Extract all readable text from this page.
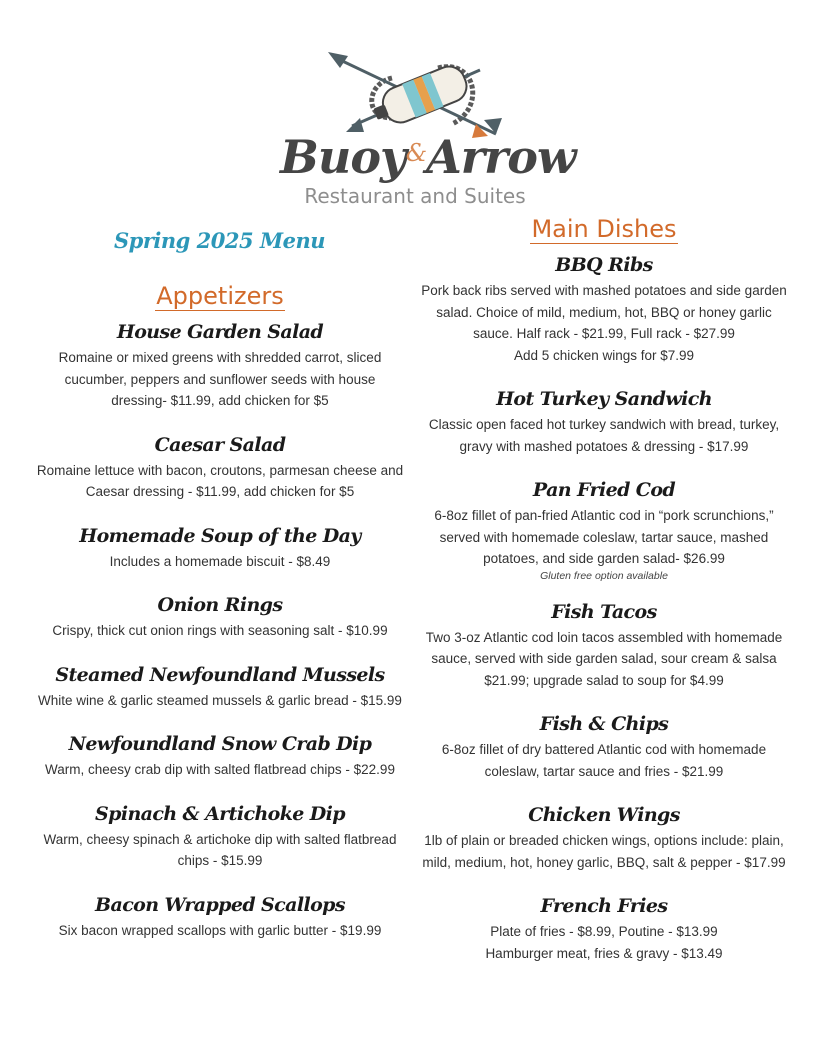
Buoy&Arrow
Restaurant and Suites
Spring 2025 Menu
Appetizers
House Garden Salad
Romaine or mixed greens with shredded carrot, sliced cucumber, peppers and sunflower seeds with house dressing- $11.99, add chicken for $5
Caesar Salad
Romaine lettuce with bacon, croutons, parmesan cheese and Caesar dressing - $11.99, add chicken for $5
Homemade Soup of the Day
Includes a homemade biscuit - $8.49
Onion Rings
Crispy, thick cut onion rings with seasoning salt - $10.99
Steamed Newfoundland Mussels
White wine & garlic steamed mussels & garlic bread - $15.99
Newfoundland Snow Crab Dip
Warm, cheesy crab dip with salted flatbread chips - $22.99
Spinach & Artichoke Dip
Warm, cheesy spinach & artichoke dip with salted flatbread chips - $15.99
Bacon Wrapped Scallops
Six bacon wrapped scallops with garlic butter - $19.99
Main Dishes
BBQ Ribs
Pork back ribs served with mashed potatoes and side garden salad. Choice of mild, medium, hot, BBQ or honey garlic sauce. Half rack - $21.99, Full rack - $27.99
Add 5 chicken wings for $7.99
Hot Turkey Sandwich
Classic open faced hot turkey sandwich with bread, turkey, gravy with mashed potatoes & dressing - $17.99
Pan Fried Cod
6-8oz fillet of pan-fried Atlantic cod in “pork scrunchions,” served with homemade coleslaw, tartar sauce, mashed potatoes, and side garden salad- $26.99
Gluten free option available
Fish Tacos
Two 3-oz Atlantic cod loin tacos assembled with homemade sauce, served with side garden salad, sour cream & salsa $21.99; upgrade salad to soup for $4.99
Fish & Chips
6-8oz fillet of dry battered Atlantic cod with homemade coleslaw, tartar sauce and fries - $21.99
Chicken Wings
1lb of plain or breaded chicken wings, options include: plain, mild, medium, hot, honey garlic, BBQ, salt & pepper - $17.99
French Fries
Plate of fries - $8.99, Poutine - $13.99
Hamburger meat, fries & gravy - $13.49
